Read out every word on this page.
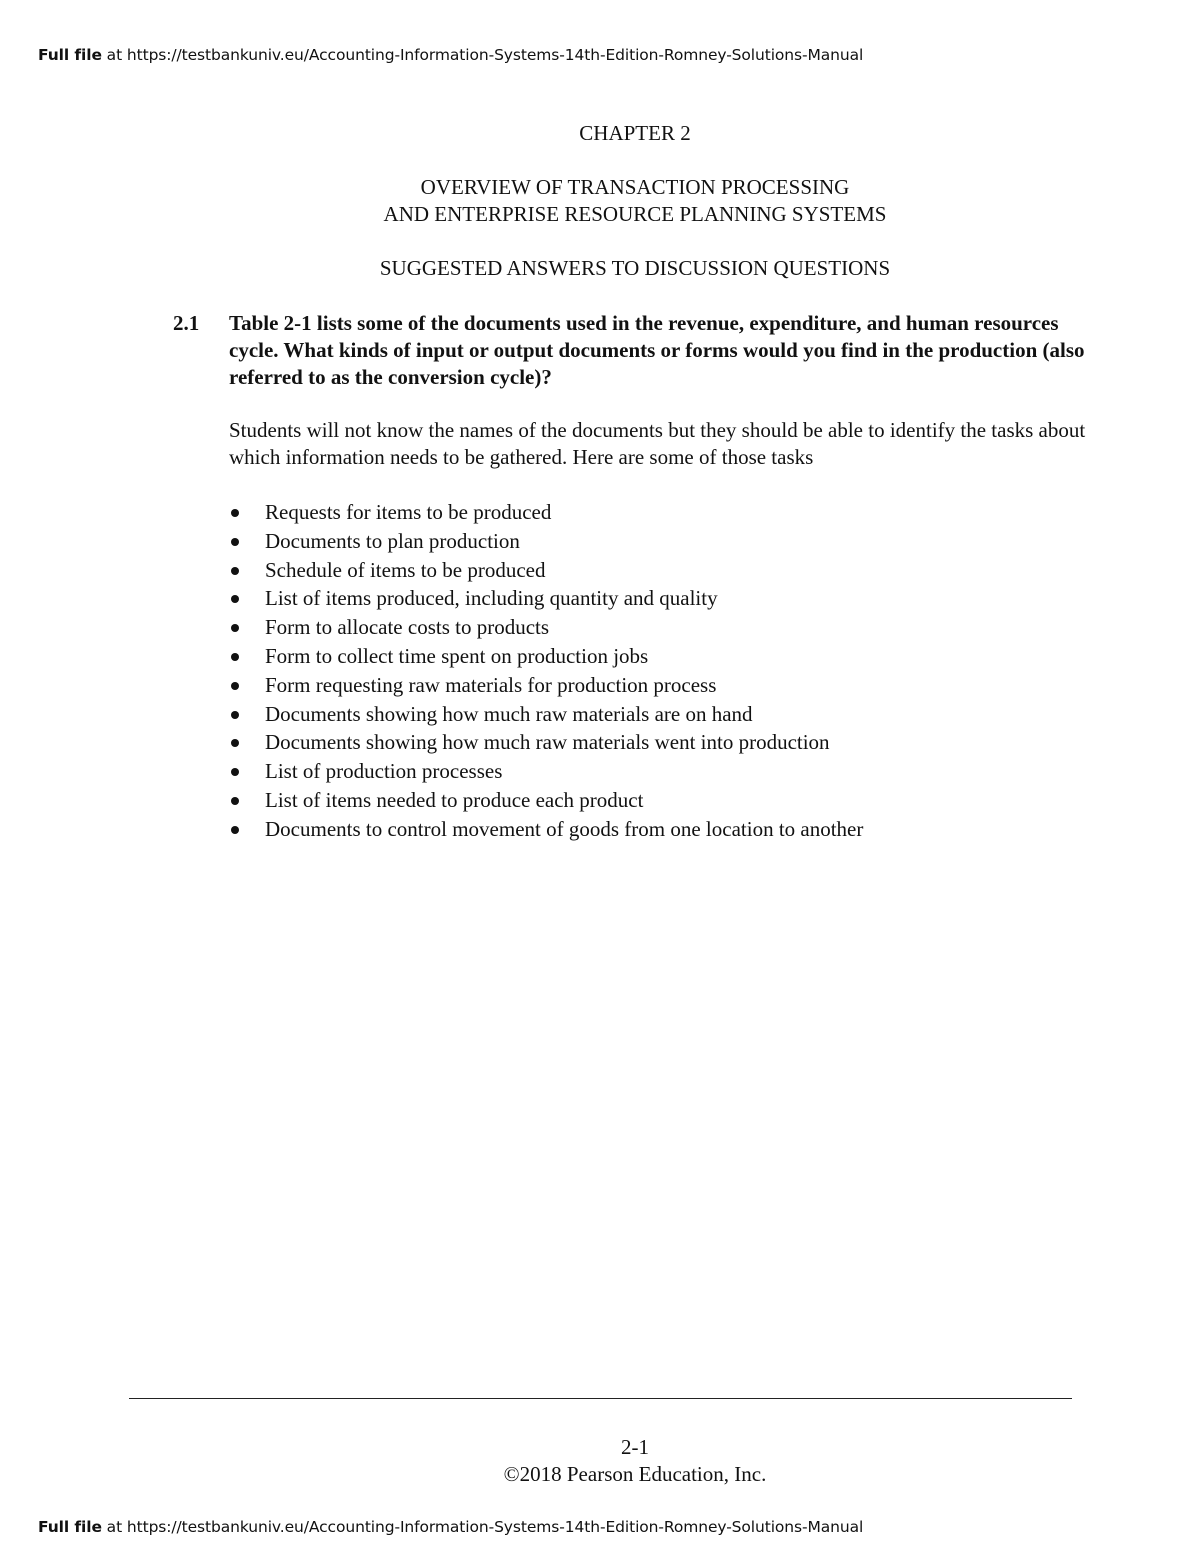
Full file at https://testbankuniv.eu/Accounting-Information-Systems-14th-Edition-Romney-Solutions-Manual
CHAPTER 2
OVERVIEW OF TRANSACTION PROCESSING
AND ENTERPRISE RESOURCE PLANNING SYSTEMS
SUGGESTED ANSWERS TO DISCUSSION QUESTIONS
2.1 Table 2-1 lists some of the documents used in the revenue, expenditure, and human resources cycle. What kinds of input or output documents or forms would you find in the production (also referred to as the conversion cycle)?
Students will not know the names of the documents but they should be able to identify the tasks about which information needs to be gathered. Here are some of those tasks
Requests for items to be produced
Documents to plan production
Schedule of items to be produced
List of items produced, including quantity and quality
Form to allocate costs to products
Form to collect time spent on production jobs
Form requesting raw materials for production process
Documents showing how much raw materials are on hand
Documents showing how much raw materials went into production
List of production processes
List of items needed to produce each product
Documents to control movement of goods from one location to another
2-1
©2018 Pearson Education, Inc.
Full file at https://testbankuniv.eu/Accounting-Information-Systems-14th-Edition-Romney-Solutions-Manual
